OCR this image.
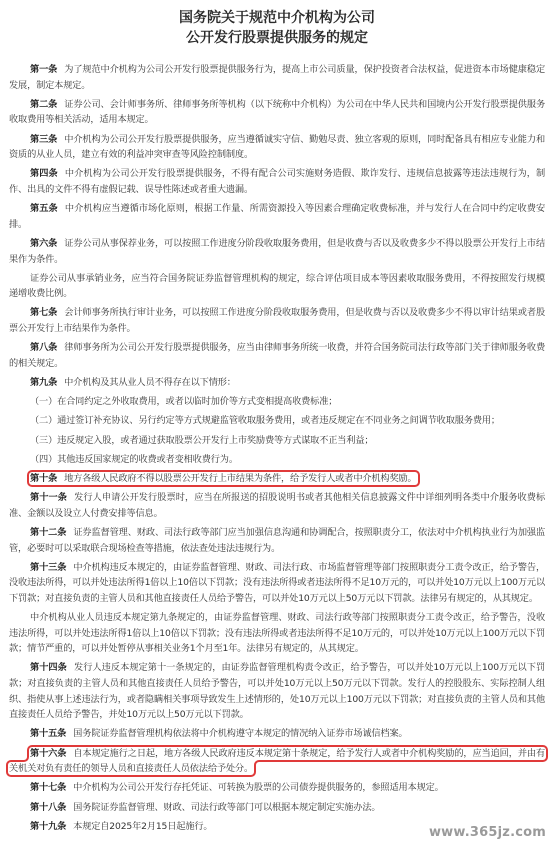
国务院关于规范中介机构为公司
公开发行股票提供服务的规定

第一条 为了规范中介机构为公司公开发行股票提供服务行为，提高上市公司质量，保护投资者合法权益，促进资本市场健康稳定发展，制定本规定。

第二条 证券公司、会计师事务所、律师事务所等机构（以下统称中介机构）为公司在中华人民共和国境内公开发行股票提供服务收取费用等相关活动，适用本规定。

第三条 中介机构为公司公开发行股票提供服务，应当遵循诚实守信、勤勉尽责、独立客观的原则，同时配备具有相应专业能力和资质的从业人员，建立有效的利益冲突审查等风险控制制度。

第四条 中介机构为公司公开发行股票提供服务，不得有配合公司实施财务造假、欺诈发行、违规信息披露等违法违规行为，制作、出具的文件不得有虚假记载、误导性陈述或者重大遗漏。

第五条 中介机构应当遵循市场化原则，根据工作量、所需资源投入等因素合理确定收费标准，并与发行人在合同中约定收费安排。

第六条 证券公司从事保荐业务，可以按照工作进度分阶段收取服务费用，但是收费与否以及收费多少不得以股票公开发行上市结果作为条件。

证券公司从事承销业务，应当符合国务院证券监督管理机构的规定，综合评估项目成本等因素收取服务费用，不得按照发行规模递增收费比例。

第七条 会计师事务所执行审计业务，可以按照工作进度分阶段收取服务费用，但是收费与否以及收费多少不得以审计结果或者股票公开发行上市结果作为条件。

第八条 律师事务所为公司公开发行股票提供服务，应当由律师事务所统一收费，并符合国务院司法行政等部门关于律师服务收费的相关规定。

第九条 中介机构及其从业人员不得存在以下情形：

（一）在合同约定之外收取费用，或者以临时加价等方式变相提高收费标准；

（二）通过签订补充协议、另行约定等方式规避监管收取服务费用，或者违反规定在不同业务之间调节收取服务费用；

（三）违反规定入股，或者通过获取股票公开发行上市奖励费等方式谋取不正当利益；

（四）其他违反国家规定的收费或者变相收费行为。

第十条 地方各级人民政府不得以股票公开发行上市结果为条件，给予发行人或者中介机构奖励。

第十一条 发行人申请公开发行股票时，应当在所报送的招股说明书或者其他相关信息披露文件中详细列明各类中介服务收费标准、金额以及设立人付费安排等信息。

第十二条 证券监督管理、财政、司法行政等部门应当加强信息沟通和协调配合，按照职责分工，依法对中介机构执业行为加强监管，必要时可以采取联合现场检查等措施，依法查处违法违规行为。

第十三条 中介机构违反本规定的，由证券监督管理、财政、司法行政、市场监督管理等部门按照职责分工责令改正，给予警告，没收违法所得，可以并处违法所得1倍以上10倍以下罚款；没有违法所得或者违法所得不足10万元的，可以并处10万元以上100万元以下罚款；对直接负责的主管人员和其他直接责任人员给予警告，可以并处10万元以上50万元以下罚款。法律另有规定的，从其规定。

中介机构从业人员违反本规定第九条规定的，由证券监督管理、财政、司法行政等部门按照职责分工责令改正，给予警告，没收违法所得，可以并处违法所得1倍以上10倍以下罚款；没有违法所得或者违法所得不足10万元的，可以并处10万元以上100万元以下罚款；情节严重的，可以并处暂停从事相关业务1个月至1年。法律另有规定的，从其规定。

第十四条 发行人违反本规定第十一条规定的，由证券监督管理机构责令改正，给予警告，可以并处10万元以上100万元以下罚款；对直接负责的主管人员和其他直接责任人员给予警告，可以并处10万元以上50万元以下罚款。发行人的控股股东、实际控制人组织、指使从事上述违法行为，或者隐瞒相关事项导致发生上述情形的，处10万元以上100万元以下罚款；对直接负责的主管人员和其他直接责任人员给予警告，并处10万元以上50万元以下罚款。

第十五条 国务院证券监督管理机构依法将中介机构遵守本规定的情况纳入证券市场诚信档案。

第十六条 自本规定施行之日起，地方各级人民政府违反本规定第十条规定，给予发行人或者中介机构奖励的，应当追回，并由有关机关对负有责任的领导人员和直接责任人员依法给予处分。

第十七条 中介机构为公司公开发行存托凭证、可转换为股票的公司债券提供服务的，参照适用本规定。

第十八条 国务院证券监督管理、财政、司法行政等部门可以根据本规定制定实施办法。

第十九条 本规定自2025年2月15日起施行。	www.365jz.com
